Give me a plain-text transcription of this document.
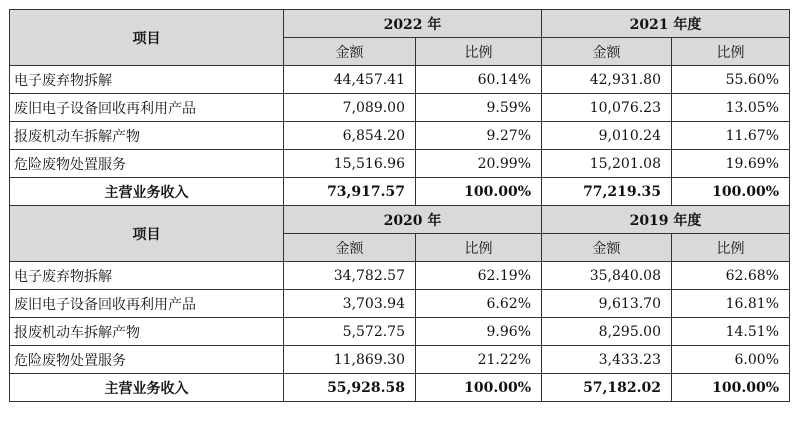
项目	2022 年		2021 年度	
	金额	比例	金额	比例
电子废弃物拆解	44,457.41	60.14%	42,931.80	55.60%
废旧电子设备回收再利用产品	7,089.00	9.59%	10,076.23	13.05%
报废机动车拆解产物	6,854.20	9.27%	9,010.24	11.67%
危险废物处置服务	15,516.96	20.99%	15,201.08	19.69%
主营业务收入	73,917.57	100.00%	77,219.35	100.00%
项目	2020 年		2019 年度	
	金额	比例	金额	比例
电子废弃物拆解	34,782.57	62.19%	35,840.08	62.68%
废旧电子设备回收再利用产品	3,703.94	6.62%	9,613.70	16.81%
报废机动车拆解产物	5,572.75	9.96%	8,295.00	14.51%
危险废物处置服务	11,869.30	21.22%	3,433.23	6.00%
主营业务收入	55,928.58	100.00%	57,182.02	100.00%
